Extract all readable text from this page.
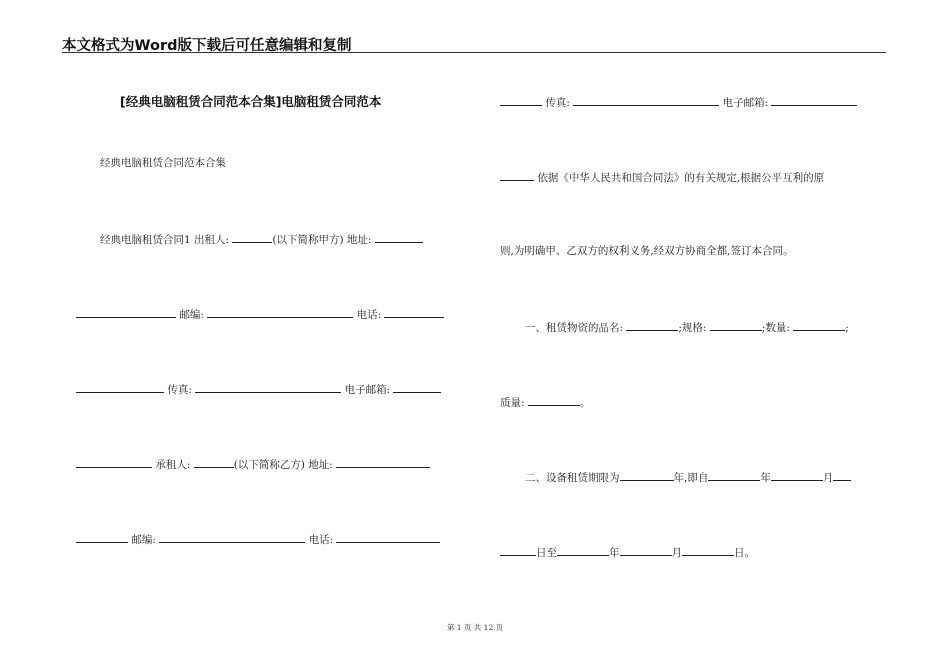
本文格式为Word版下载后可任意编辑和复制
[经典电脑租赁合同范本合集]电脑租赁合同范本
经典电脑租赁合同范本合集
经典电脑租赁合同1 出租人:	(以下简称甲方) 地址:
邮编:	电话:
传真:	电子邮箱:
承租人:	(以下简称乙方) 地址:
邮编:	电话:
传真:	电子邮箱:
依据《中华人民共和国合同法》的有关规定,根据公平互利的原
则,为明确甲、乙双方的权利义务,经双方协商全都,签订本合同。
一、租赁物资的品名:	;规格:	;数量:	;
质量:	。
二、设备租赁期限为	年,即自	年	月
日至	年	月	日。
第 1 页 共 12 页
